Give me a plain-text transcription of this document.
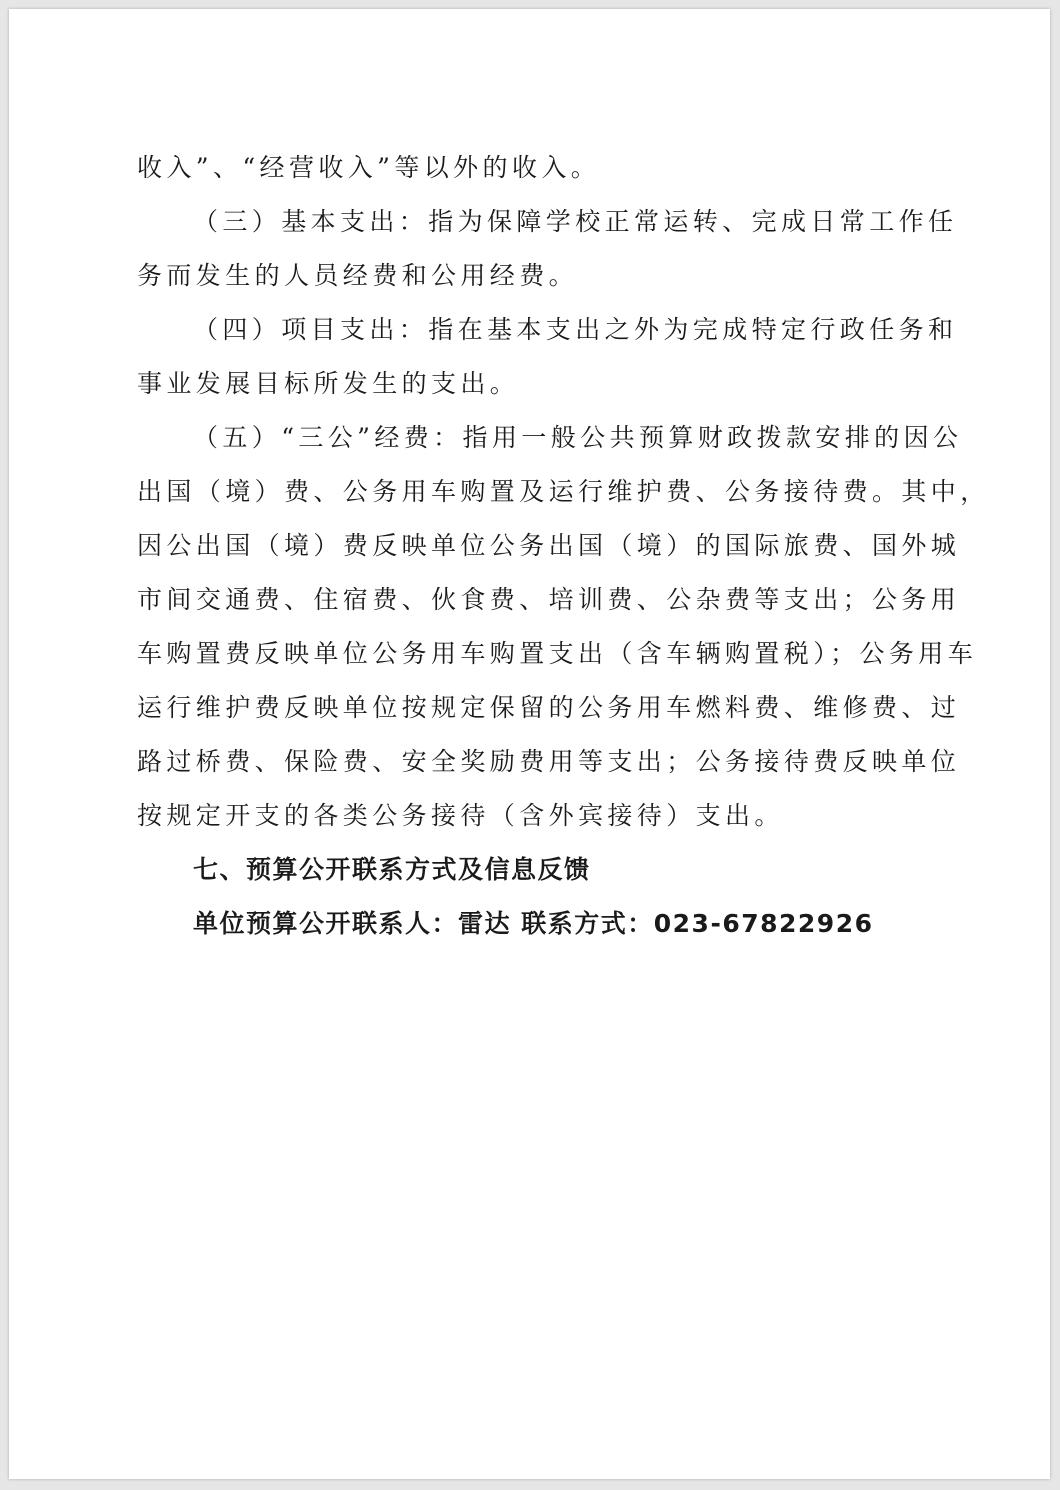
收入”、“经营收入”等以外的收入。
（三）基本支出：指为保障学校正常运转、完成日常工作任
务而发生的人员经费和公用经费。
（四）项目支出：指在基本支出之外为完成特定行政任务和
事业发展目标所发生的支出。
（五）“三公”经费：指用一般公共预算财政拨款安排的因公
出国（境）费、公务用车购置及运行维护费、公务接待费。其中，
因公出国（境）费反映单位公务出国（境）的国际旅费、国外城
市间交通费、住宿费、伙食费、培训费、公杂费等支出；公务用
车购置费反映单位公务用车购置支出（含车辆购置税）；公务用车
运行维护费反映单位按规定保留的公务用车燃料费、维修费、过
路过桥费、保险费、安全奖励费用等支出；公务接待费反映单位
按规定开支的各类公务接待（含外宾接待）支出。
七、预算公开联系方式及信息反馈
单位预算公开联系人：雷达 联系方式：023-67822926
